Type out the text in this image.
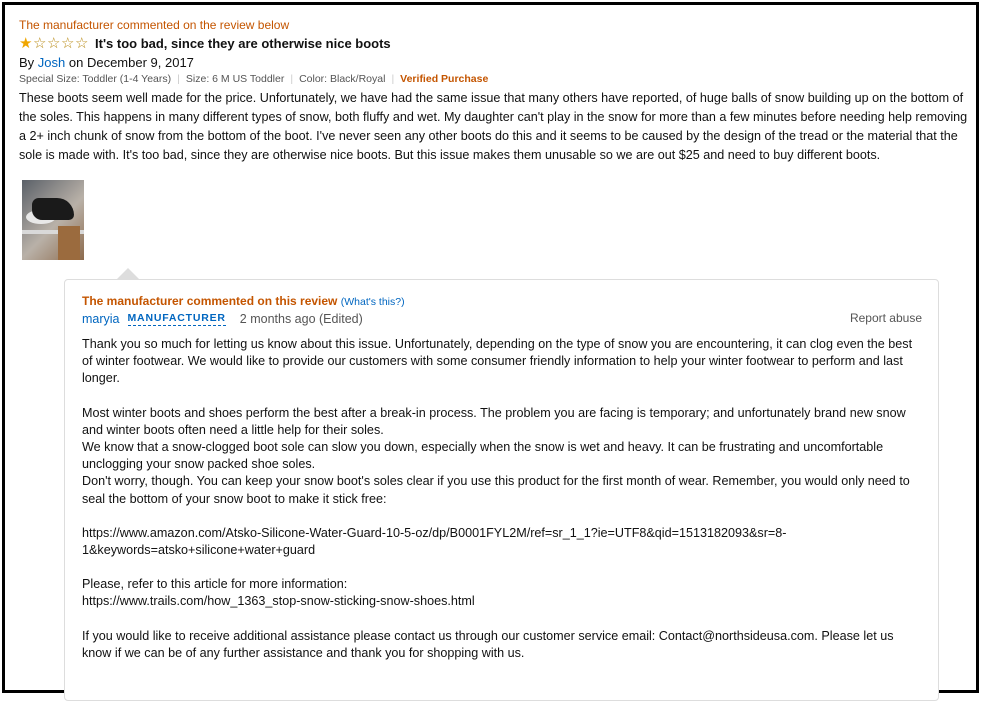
The manufacturer commented on the review below
★ ☆ ☆ ☆ ☆ It's too bad, since they are otherwise nice boots
By Josh on December 9, 2017
Special Size: Toddler (1-4 Years) | Size: 6 M US Toddler | Color: Black/Royal | Verified Purchase
These boots seem well made for the price. Unfortunately, we have had the same issue that many others have reported, of huge balls of snow building up on the bottom of the soles. This happens in many different types of snow, both fluffy and wet. My daughter can't play in the snow for more than a few minutes before needing help removing a 2+ inch chunk of snow from the bottom of the boot. I've never seen any other boots do this and it seems to be caused by the design of the tread or the material that the sole is made with. It's too bad, since they are otherwise nice boots. But this issue makes them unusable so we are out $25 and need to buy different boots.
The manufacturer commented on this review (What's this?)
maryia MANUFACTURER 2 months ago (Edited)	Report abuse

Thank you so much for letting us know about this issue. Unfortunately, depending on the type of snow you are encountering, it can clog even the best of winter footwear. We would like to provide our customers with some consumer friendly information to help your winter footwear to perform and last longer.

Most winter boots and shoes perform the best after a break-in process. The problem you are facing is temporary; and unfortunately brand new snow and winter boots often need a little help for their soles.

We know that a snow-clogged boot sole can slow you down, especially when the snow is wet and heavy. It can be frustrating and uncomfortable unclogging your snow packed shoe soles.

Don't worry, though. You can keep your snow boot's soles clear if you use this product for the first month of wear. Remember, you would only need to seal the bottom of your snow boot to make it stick free:

https://www.amazon.com/Atsko-Silicone-Water-Guard-10-5-oz/dp/B0001FYL2M/ref=sr_1_1?ie=UTF8&qid=1513182093&sr=8-1&keywords=atsko+silicone+water+guard

Please, refer to this article for more information:

https://www.trails.com/how_1363_stop-snow-sticking-snow-shoes.html

If you would like to receive additional assistance please contact us through our customer service email: Contact@northsideusa.com. Please let us know if we can be of any further assistance and thank you for shopping with us.
